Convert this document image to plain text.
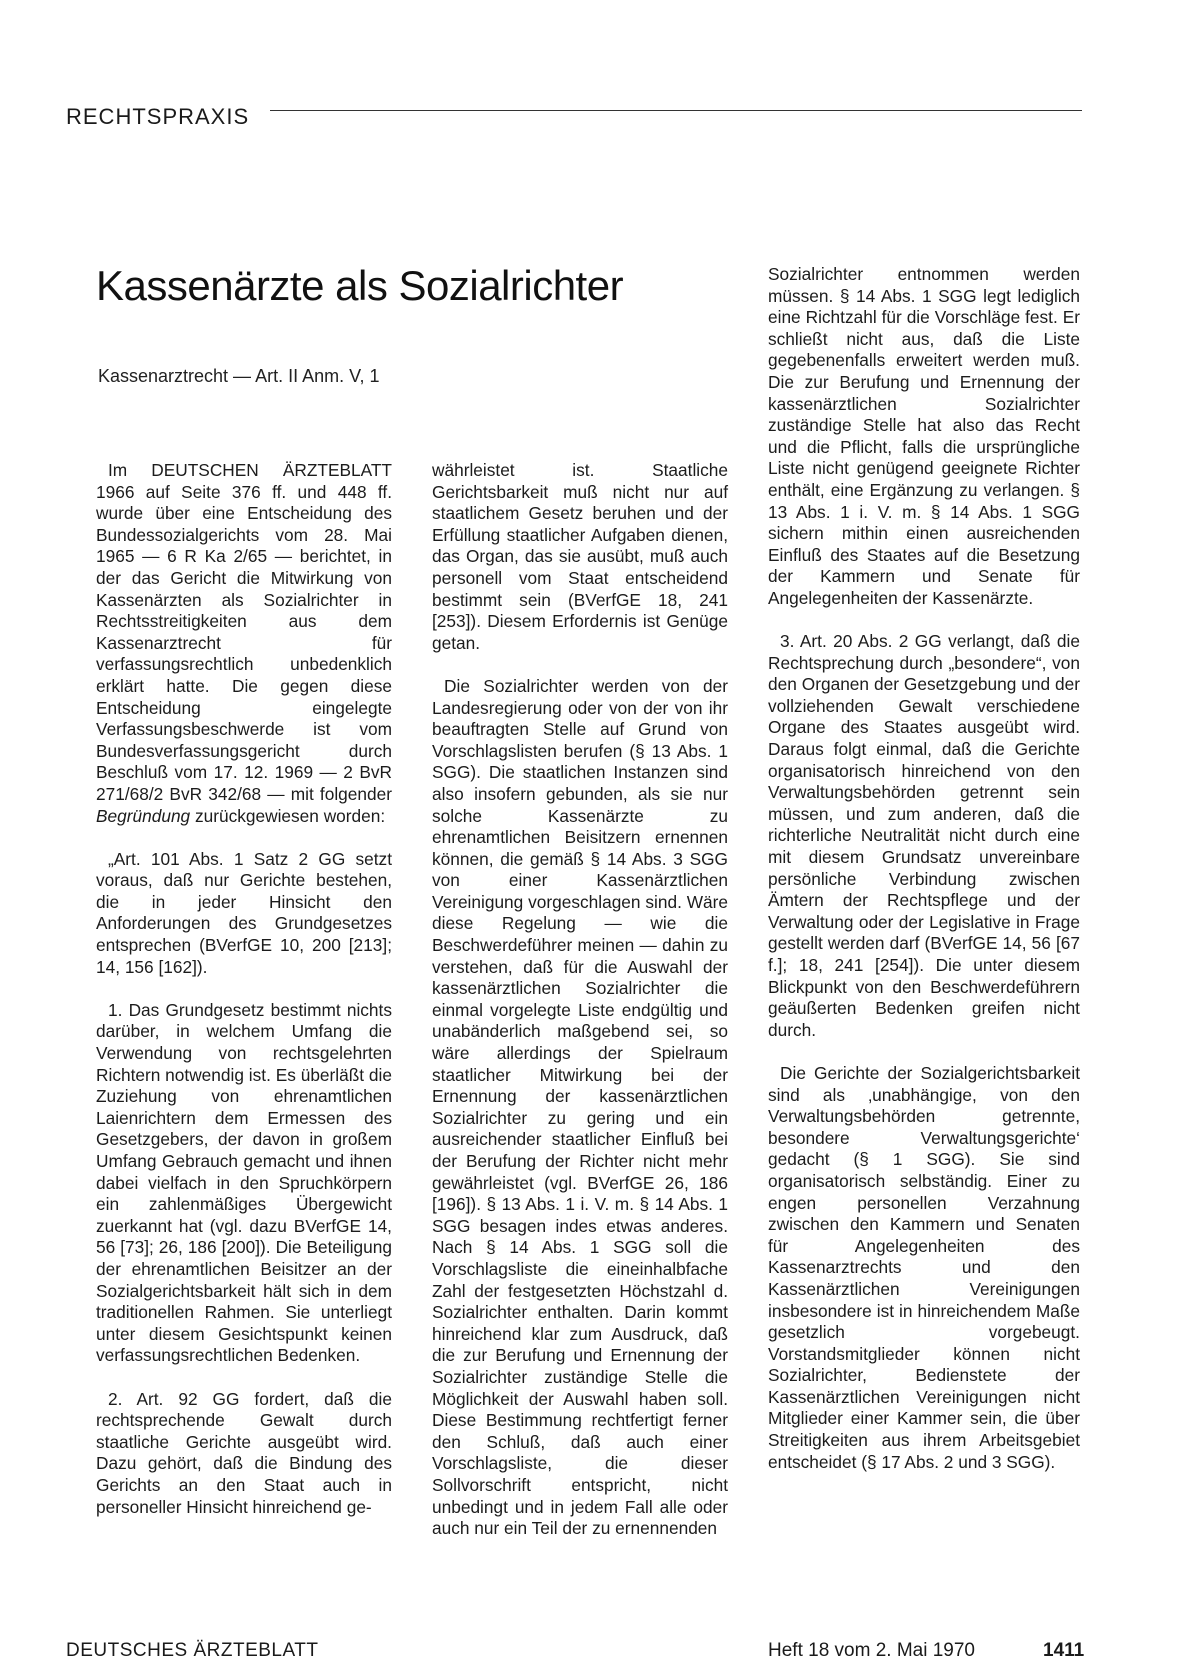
RECHTSPRAXIS
Kassenärzte als Sozialrichter
Kassenarztrecht — Art. II Anm. V, 1

Im DEUTSCHEN ÄRZTEBLATT 1966 auf Seite 376 ff. und 448 ff. wurde über eine Entscheidung des Bundessozialgerichts vom 28. Mai 1965 — 6 R Ka 2/65 — berichtet, in der das Gericht die Mitwirkung von Kassenärzten als Sozialrichter in Rechtsstreitigkeiten aus dem Kassenarztrecht für verfassungsrechtlich unbedenklich erklärt hatte. Die gegen diese Entscheidung eingelegte Verfassungsbeschwerde ist vom Bundesverfassungsgericht durch Beschluß vom 17. 12. 1969 — 2 BvR 271/68/2 BvR 342/68 — mit folgender Begründung zurückgewiesen worden:

„Art. 101 Abs. 1 Satz 2 GG setzt voraus, daß nur Gerichte bestehen, die in jeder Hinsicht den Anforderungen des Grundgesetzes entsprechen (BVerfGE 10, 200 [213]; 14, 156 [162]).

1. Das Grundgesetz bestimmt nichts darüber, in welchem Umfang die Verwendung von rechtsgelehrten Richtern notwendig ist. Es überläßt die Zuziehung von ehrenamtlichen Laienrichtern dem Ermessen des Gesetzgebers, der davon in großem Umfang Gebrauch gemacht und ihnen dabei vielfach in den Spruchkörpern ein zahlenmäßiges Übergewicht zuerkannt hat (vgl. dazu BVerfGE 14, 56 [73]; 26, 186 [200]). Die Beteiligung der ehrenamtlichen Beisitzer an der Sozialgerichtsbarkeit hält sich in dem traditionellen Rahmen. Sie unterliegt unter diesem Gesichtspunkt keinen verfassungsrechtlichen Bedenken.

2. Art. 92 GG fordert, daß die rechtsprechende Gewalt durch staatliche Gerichte ausgeübt wird. Dazu gehört, daß die Bindung des Gerichts an den Staat auch in personeller Hinsicht hinreichend ge-

währleistet ist. Staatliche Gerichtsbarkeit muß nicht nur auf staatlichem Gesetz beruhen und der Erfüllung staatlicher Aufgaben dienen, das Organ, das sie ausübt, muß auch personell vom Staat entscheidend bestimmt sein (BVerfGE 18, 241 [253]). Diesem Erfordernis ist Genüge getan.

Die Sozialrichter werden von der Landesregierung oder von der von ihr beauftragten Stelle auf Grund von Vorschlagslisten berufen (§ 13 Abs. 1 SGG). Die staatlichen Instanzen sind also insofern gebunden, als sie nur solche Kassenärzte zu ehrenamtlichen Beisitzern ernennen können, die gemäß § 14 Abs. 3 SGG von einer Kassenärztlichen Vereinigung vorgeschlagen sind. Wäre diese Regelung — wie die Beschwerdeführer meinen — dahin zu verstehen, daß für die Auswahl der kassenärztlichen Sozialrichter die einmal vorgelegte Liste endgültig und unabänderlich maßgebend sei, so wäre allerdings der Spielraum staatlicher Mitwirkung bei der Ernennung der kassenärztlichen Sozialrichter zu gering und ein ausreichender staatlicher Einfluß bei der Berufung der Richter nicht mehr gewährleistet (vgl. BVerfGE 26, 186 [196]). § 13 Abs. 1 i. V. m. § 14 Abs. 1 SGG besagen indes etwas anderes. Nach § 14 Abs. 1 SGG soll die Vorschlagsliste die eineinhalbfache Zahl der festgesetzten Höchstzahl d. Sozialrichter enthalten. Darin kommt hinreichend klar zum Ausdruck, daß die zur Berufung und Ernennung der Sozialrichter zuständige Stelle die Möglichkeit der Auswahl haben soll. Diese Bestimmung rechtfertigt ferner den Schluß, daß auch einer Vorschlagsliste, die dieser Sollvorschrift entspricht, nicht unbedingt und in jedem Fall alle oder auch nur ein Teil der zu ernennenden

Sozialrichter entnommen werden müssen. § 14 Abs. 1 SGG legt lediglich eine Richtzahl für die Vorschläge fest. Er schließt nicht aus, daß die Liste gegebenenfalls erweitert werden muß. Die zur Berufung und Ernennung der kassenärztlichen Sozialrichter zuständige Stelle hat also das Recht und die Pflicht, falls die ursprüngliche Liste nicht genügend geeignete Richter enthält, eine Ergänzung zu verlangen. § 13 Abs. 1 i. V. m. § 14 Abs. 1 SGG sichern mithin einen ausreichenden Einfluß des Staates auf die Besetzung der Kammern und Senate für Angelegenheiten der Kassenärzte.

3. Art. 20 Abs. 2 GG verlangt, daß die Rechtsprechung durch „besondere“, von den Organen der Gesetzgebung und der vollziehenden Gewalt verschiedene Organe des Staates ausgeübt wird. Daraus folgt einmal, daß die Gerichte organisatorisch hinreichend von den Verwaltungsbehörden getrennt sein müssen, und zum anderen, daß die richterliche Neutralität nicht durch eine mit diesem Grundsatz unvereinbare persönliche Verbindung zwischen Ämtern der Rechtspflege und der Verwaltung oder der Legislative in Frage gestellt werden darf (BVerfGE 14, 56 [67 f.]; 18, 241 [254]). Die unter diesem Blickpunkt von den Beschwerdeführern geäußerten Bedenken greifen nicht durch.

Die Gerichte der Sozialgerichtsbarkeit sind als ‚unabhängige, von den Verwaltungsbehörden getrennte, besondere Verwaltungsgerichte‘ gedacht (§ 1 SGG). Sie sind organisatorisch selbständig. Einer zu engen personellen Verzahnung zwischen den Kammern und Senaten für Angelegenheiten des Kassenarztrechts und den Kassenärztlichen Vereinigungen insbesondere ist in hinreichendem Maße gesetzlich vorgebeugt. Vorstandsmitglieder können nicht Sozialrichter, Bedienstete der Kassenärztlichen Vereinigungen nicht Mitglieder einer Kammer sein, die über Streitigkeiten aus ihrem Arbeitsgebiet entscheidet (§ 17 Abs. 2 und 3 SGG).

DEUTSCHES ÄRZTEBLATT	Heft 18 vom 2. Mai 1970	1411
